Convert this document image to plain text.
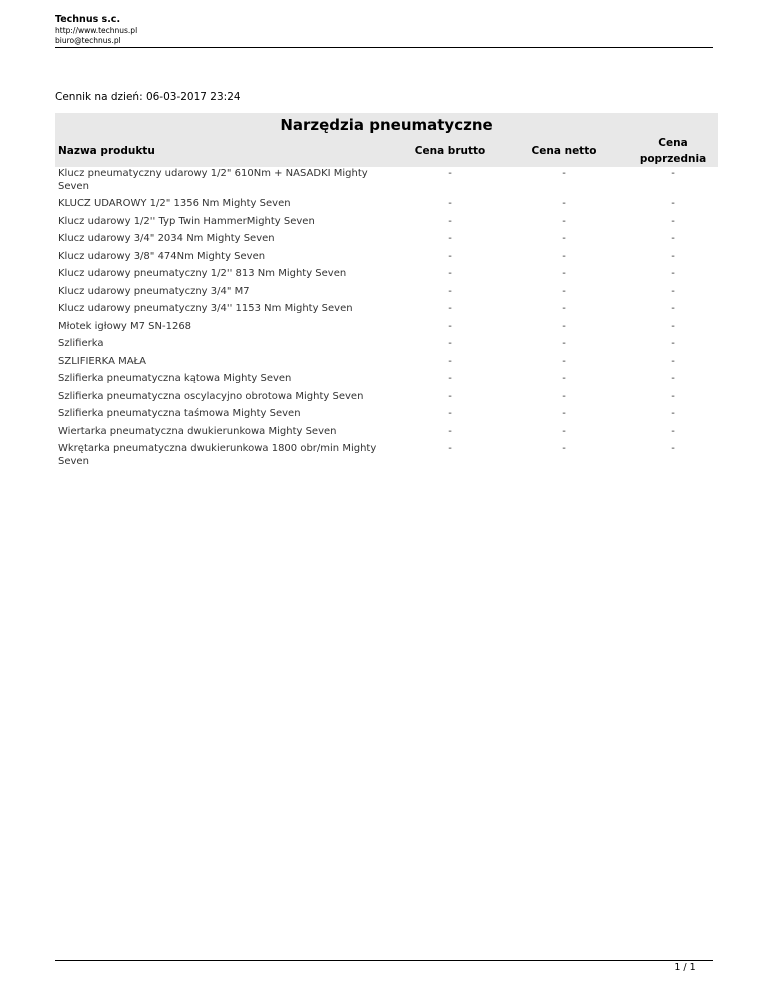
Technus s.c.
http://www.technus.pl
biuro@technus.pl
Cennik na dzień: 06-03-2017 23:24
Narzędzia pneumatyczne
Nazwa produktu	Cena brutto	Cena netto	Cena poprzednia
Klucz pneumatyczny udarowy 1/2" 610Nm + NASADKI Mighty Seven	-	-	-
KLUCZ UDAROWY 1/2" 1356 Nm Mighty Seven	-	-	-
Klucz udarowy 1/2'' Typ Twin HammerMighty Seven	-	-	-
Klucz udarowy 3/4" 2034 Nm Mighty Seven	-	-	-
Klucz udarowy 3/8" 474Nm Mighty Seven	-	-	-
Klucz udarowy pneumatyczny 1/2'' 813 Nm Mighty Seven	-	-	-
Klucz udarowy pneumatyczny 3/4" M7	-	-	-
Klucz udarowy pneumatyczny 3/4'' 1153 Nm Mighty Seven	-	-	-
Młotek igłowy M7 SN-1268	-	-	-
Szlifierka	-	-	-
SZLIFIERKA MAŁA	-	-	-
Szlifierka pneumatyczna kątowa Mighty Seven	-	-	-
Szlifierka pneumatyczna oscylacyjno obrotowa Mighty Seven	-	-	-
Szlifierka pneumatyczna taśmowa Mighty Seven	-	-	-
Wiertarka pneumatyczna dwukierunkowa Mighty Seven	-	-	-
Wkrętarka pneumatyczna dwukierunkowa 1800 obr/min Mighty Seven	-	-	-
1 / 1
